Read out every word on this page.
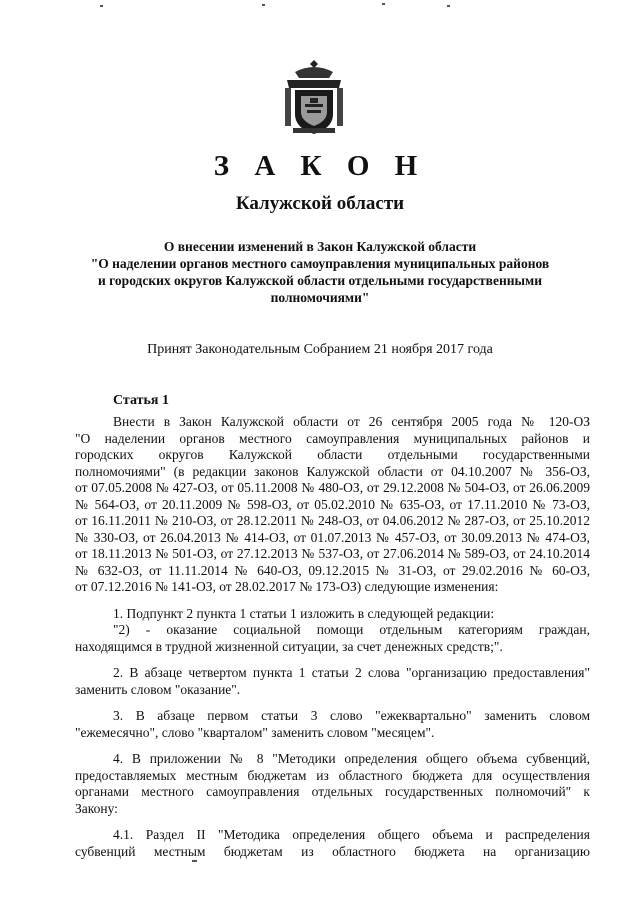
З А К О Н
Калужской области
О внесении изменений в Закон Калужской области
"О наделении органов местного самоуправления муниципальных районов
и городских округов Калужской области отдельными государственными
полномочиями"
Принят Законодательным Собранием 21 ноября 2017 года
Статья 1
Внести в Закон Калужской области от 26 сентября 2005 года № 120-ОЗ
"О наделении органов местного самоуправления муниципальных районов и
городских округов Калужской области отдельными государственными
полномочиями" (в редакции законов Калужской области от 04.10.2007 № 356-ОЗ,
от 07.05.2008 № 427-ОЗ, от 05.11.2008 № 480-ОЗ, от 29.12.2008 № 504-ОЗ, от 26.06.2009
№ 564-ОЗ, от 20.11.2009 № 598-ОЗ, от 05.02.2010 № 635-ОЗ, от 17.11.2010 № 73-ОЗ,
от 16.11.2011 № 210-ОЗ, от 28.12.2011 № 248-ОЗ, от 04.06.2012 № 287-ОЗ, от 25.10.2012
№ 330-ОЗ, от 26.04.2013 № 414-ОЗ, от 01.07.2013 № 457-ОЗ, от 30.09.2013 № 474-ОЗ,
от 18.11.2013 № 501-ОЗ, от 27.12.2013 № 537-ОЗ, от 27.06.2014 № 589-ОЗ, от 24.10.2014
№ 632-ОЗ, от 11.11.2014 № 640-ОЗ, 09.12.2015 № 31-ОЗ, от 29.02.2016 № 60-ОЗ,
от 07.12.2016 № 141-ОЗ, от 28.02.2017 № 173-ОЗ) следующие изменения:
1. Подпункт 2 пункта 1 статьи 1 изложить в следующей редакции:
"2) - оказание социальной помощи отдельным категориям граждан,
находящимся в трудной жизненной ситуации, за счет денежных средств;".
2. В абзаце четвертом пункта 1 статьи 2 слова "организацию предоставления"
заменить словом "оказание".
3. В абзаце первом статьи 3 слово "ежеквартально" заменить словом
"ежемесячно", слово "кварталом" заменить словом "месяцем".
4. В приложении № 8 "Методики определения общего объема субвенций,
предоставляемых местным бюджетам из областного бюджета для осуществления
органами местного самоуправления отдельных государственных полномочий" к
Закону:
4.1. Раздел II "Методика определения общего объема и распределения
субвенций местным бюджетам из областного бюджета на организацию
